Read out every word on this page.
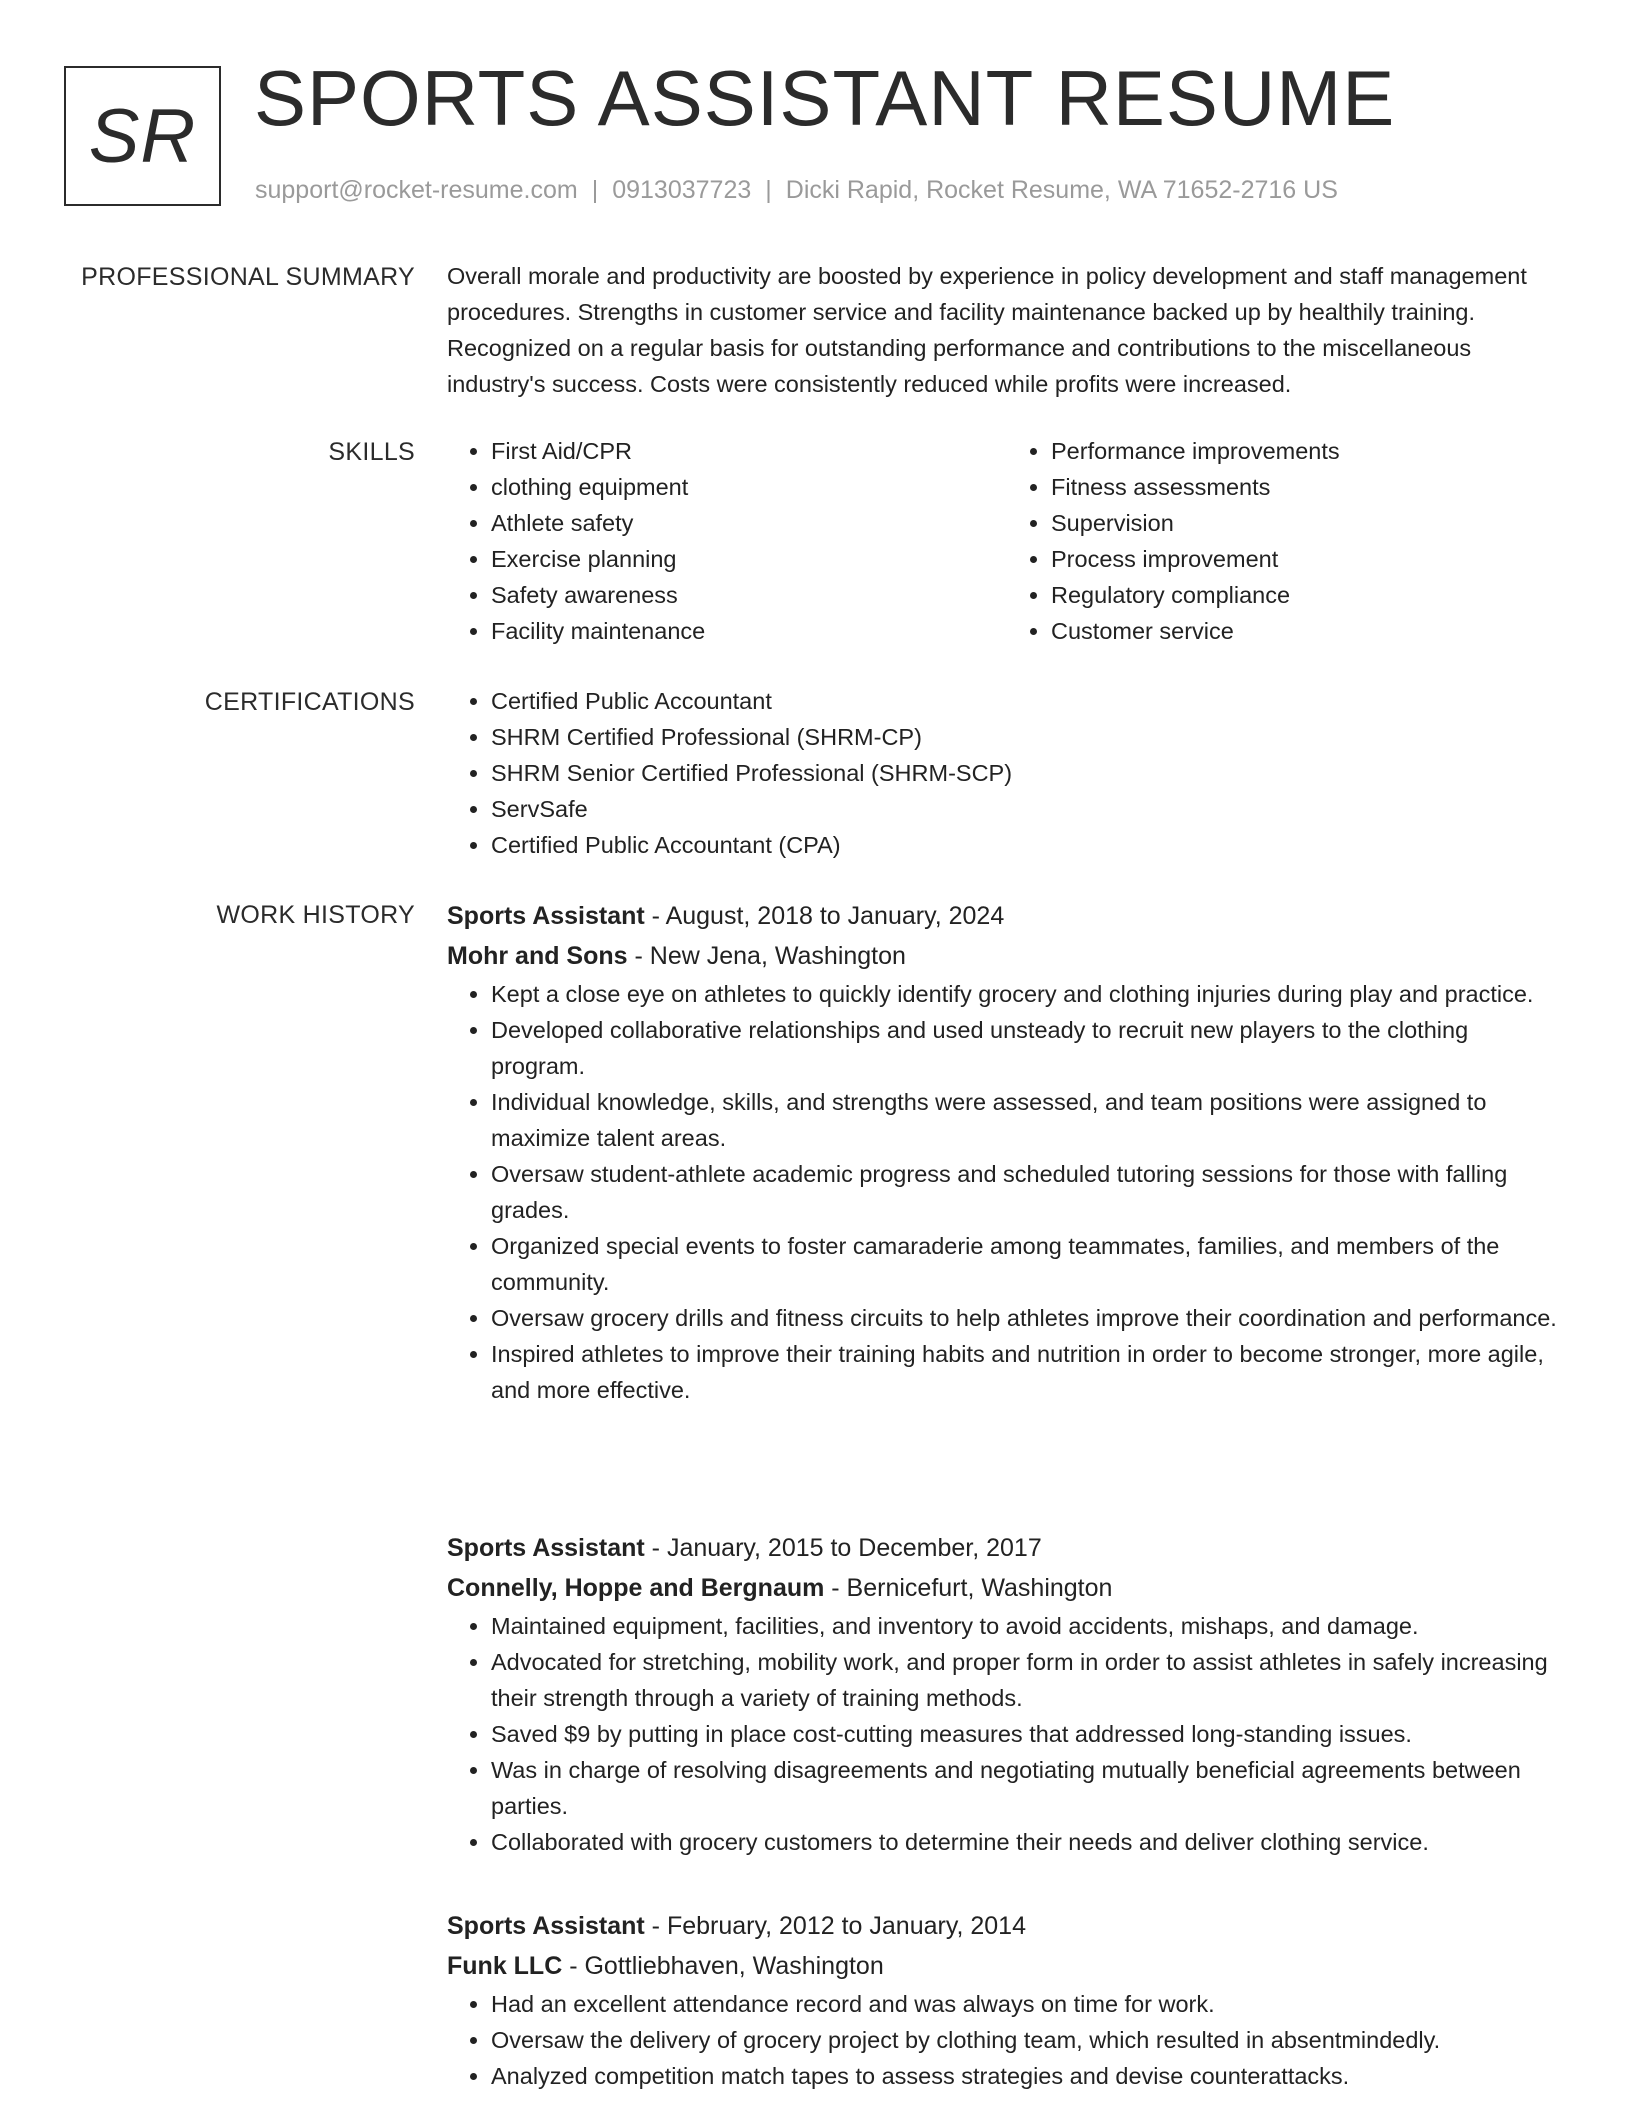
SR SPORTS ASSISTANT RESUME
support@rocket-resume.com | 0913037723 | Dicki Rapid, Rocket Resume, WA 71652-2716 US
PROFESSIONAL SUMMARY Overall morale and productivity are boosted by experience in policy development and staff management procedures. Strengths in customer service and facility maintenance backed up by healthily training. Recognized on a regular basis for outstanding performance and contributions to the miscellaneous industry's success. Costs were consistently reduced while profits were increased.

SKILLS	• First Aid/CPR
• clothing equipment
• Athlete safety
• Exercise planning
• Safety awareness
• Facility maintenance
• Performance improvements
• Fitness assessments
• Supervision
• Process improvement
• Regulatory compliance
• Customer service
CERTIFICATIONS	• Certified Public Accountant
• SHRM Certified Professional (SHRM-CP)
• SHRM Senior Certified Professional (SHRM-SCP)
• ServSafe
• Certified Public Accountant (CPA)
WORK HISTORY Sports Assistant - August, 2018 to January, 2024
Mohr and Sons - New Jena, Washington
• Kept a close eye on athletes to quickly identify grocery and clothing injuries during play and practice.
• Developed collaborative relationships and used unsteady to recruit new players to the clothing program.
• Individual knowledge, skills, and strengths were assessed, and team positions were assigned to maximize talent areas.
• Oversaw student-athlete academic progress and scheduled tutoring sessions for those with falling grades.
• Organized special events to foster camaraderie among teammates, families, and members of the community.
• Oversaw grocery drills and fitness circuits to help athletes improve their coordination and performance.
• Inspired athletes to improve their training habits and nutrition in order to become stronger, more agile, and more effective.
Sports Assistant - January, 2015 to December, 2017
Connelly, Hoppe and Bergnaum - Bernicefurt, Washington
• Maintained equipment, facilities, and inventory to avoid accidents, mishaps, and damage.
• Advocated for stretching, mobility work, and proper form in order to assist athletes in safely increasing their strength through a variety of training methods.
• Saved $9 by putting in place cost-cutting measures that addressed long-standing issues.
• Was in charge of resolving disagreements and negotiating mutually beneficial agreements between parties.
• Collaborated with grocery customers to determine their needs and deliver clothing service.
Sports Assistant - February, 2012 to January, 2014
Funk LLC - Gottliebhaven, Washington
• Had an excellent attendance record and was always on time for work.
• Oversaw the delivery of grocery project by clothing team, which resulted in absentmindedly.
• Analyzed competition match tapes to assess strategies and devise counterattacks.
